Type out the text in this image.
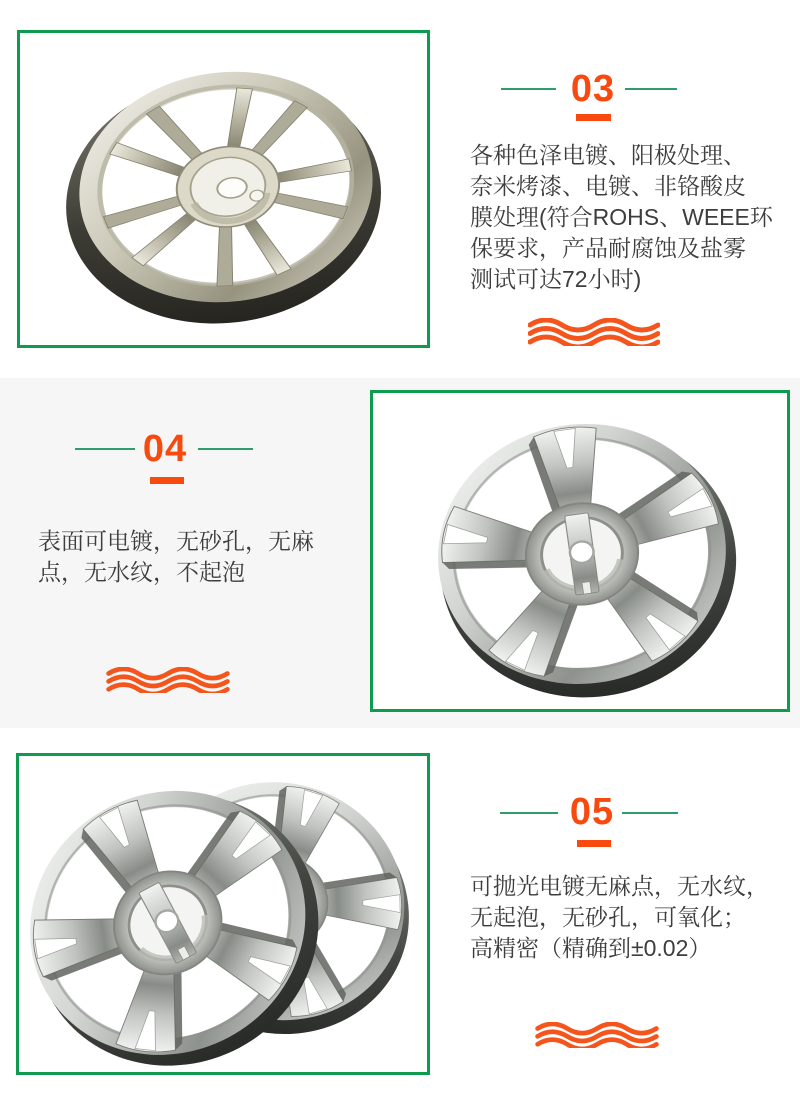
03
各种色泽电镀、阳极处理、
奈米烤漆、电镀、非铬酸皮
膜处理(符合ROHS、WEEE环
保要求，产品耐腐蚀及盐雾
测试可达72小时)
04
表面可电镀，无砂孔，无麻
点，无水纹，不起泡
05
可抛光电镀无麻点，无水纹，
无起泡，无砂孔，可氧化；
高精密（精确到±0.02）
